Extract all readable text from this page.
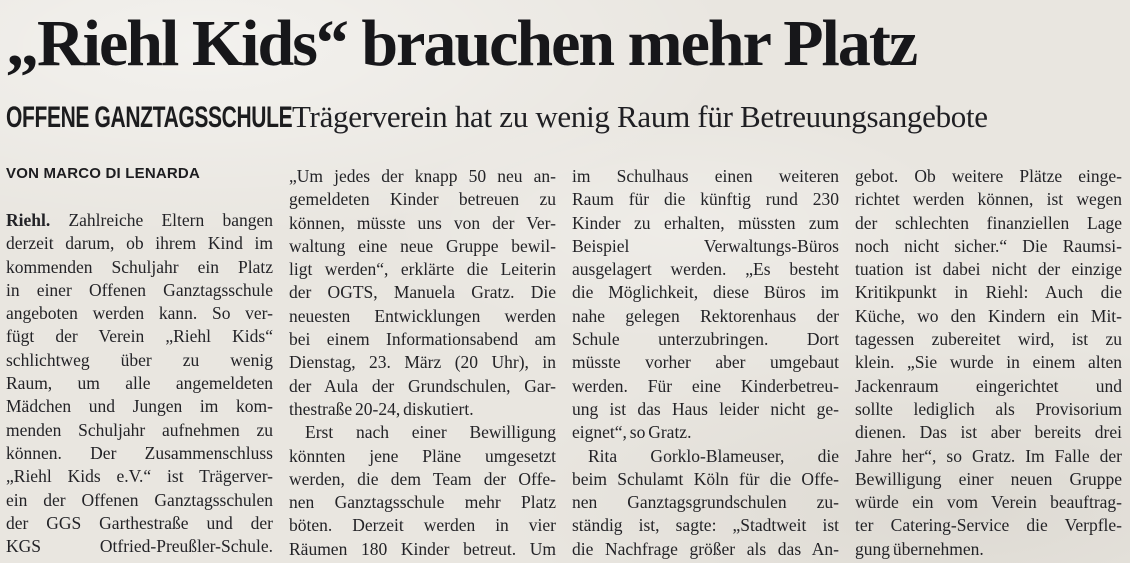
„Riehl Kids“ brauchen mehr Platz
OFFENE GANZTAGSSCHULE Trägerverein hat zu wenig Raum für Betreuungsangebote
VON MARCO DI LENARDA
Riehl. Zahlreiche Eltern bangen
derzeit darum, ob ihrem Kind im
kommenden Schuljahr ein Platz
in einer Offenen Ganztagsschule
angeboten werden kann. So ver-
fügt der Verein „Riehl Kids“
schlichtweg über zu wenig
Raum, um alle angemeldeten
Mädchen und Jungen im kom-
menden Schuljahr aufnehmen zu
können. Der Zusammenschluss
„Riehl Kids e.V.“ ist Trägerver-
ein der Offenen Ganztagsschulen
der GGS Garthestraße und der
KGS Otfried-Preußler-Schule.
„Um jedes der knapp 50 neu an-
gemeldeten Kinder betreuen zu
können, müsste uns von der Ver-
waltung eine neue Gruppe bewil-
ligt werden“, erklärte die Leiterin
der OGTS, Manuela Gratz. Die
neuesten Entwicklungen werden
bei einem Informationsabend am
Dienstag, 23. März (20 Uhr), in
der Aula der Grundschulen, Gar-
thestraße 20-24, diskutiert.
Erst nach einer Bewilligung
könnten jene Pläne umgesetzt
werden, die dem Team der Offe-
nen Ganztagsschule mehr Platz
böten. Derzeit werden in vier
Räumen 180 Kinder betreut. Um
im Schulhaus einen weiteren
Raum für die künftig rund 230
Kinder zu erhalten, müssten zum
Beispiel Verwaltungs-Büros
ausgelagert werden. „Es besteht
die Möglichkeit, diese Büros im
nahe gelegen Rektorenhaus der
Schule unterzubringen. Dort
müsste vorher aber umgebaut
werden. Für eine Kinderbetreu-
ung ist das Haus leider nicht ge-
eignet“, so Gratz.
Rita Gorklo-Blameuser, die
beim Schulamt Köln für die Offe-
nen Ganztagsgrundschulen zu-
ständig ist, sagte: „Stadtweit ist
die Nachfrage größer als das An-
gebot. Ob weitere Plätze einge-
richtet werden können, ist wegen
der schlechten finanziellen Lage
noch nicht sicher.“ Die Raumsi-
tuation ist dabei nicht der einzige
Kritikpunkt in Riehl: Auch die
Küche, wo den Kindern ein Mit-
tagessen zubereitet wird, ist zu
klein. „Sie wurde in einem alten
Jackenraum eingerichtet und
sollte lediglich als Provisorium
dienen. Das ist aber bereits drei
Jahre her“, so Gratz. Im Falle der
Bewilligung einer neuen Gruppe
würde ein vom Verein beauftrag-
ter Catering-Service die Verpfle-
gung übernehmen.
